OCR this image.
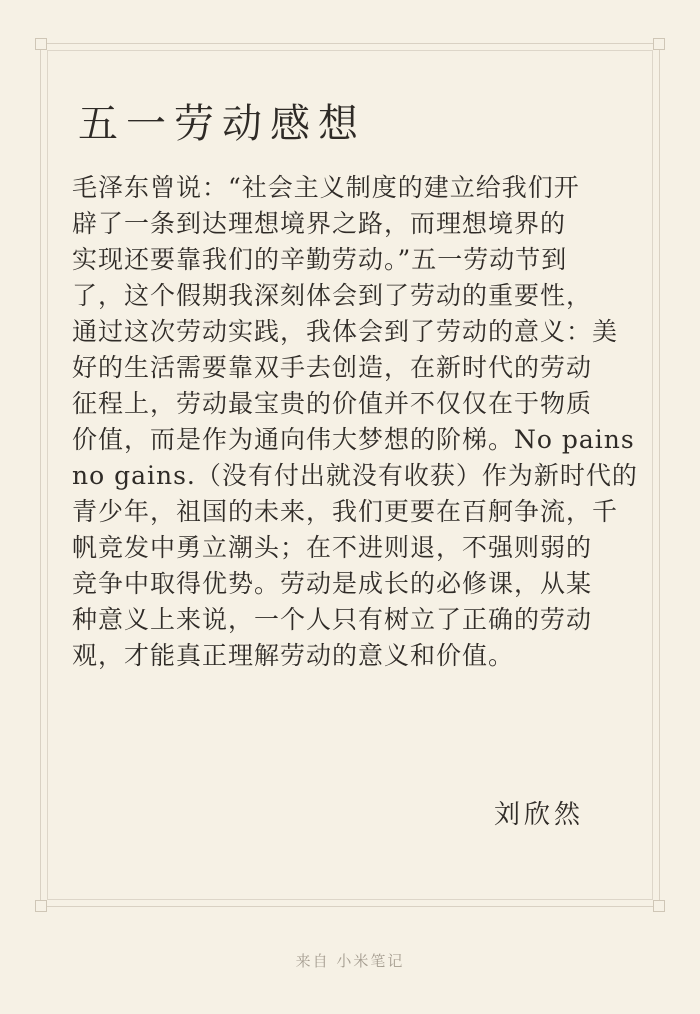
五一劳动感想
毛泽东曾说：“社会主义制度的建立给我们开
辟了一条到达理想境界之路，而理想境界的
实现还要靠我们的辛勤劳动。”五一劳动节到
了，这个假期我深刻体会到了劳动的重要性，
通过这次劳动实践，我体会到了劳动的意义：美
好的生活需要靠双手去创造，在新时代的劳动
征程上，劳动最宝贵的价值并不仅仅在于物质
价值，而是作为通向伟大梦想的阶梯。No pains
no gains.（没有付出就没有收获）作为新时代的
青少年，祖国的未来，我们更要在百舸争流，千
帆竞发中勇立潮头；在不进则退，不强则弱的
竞争中取得优势。劳动是成长的必修课，从某
种意义上来说，一个人只有树立了正确的劳动
观，才能真正理解劳动的意义和价值。
刘欣然
来自 小米笔记
